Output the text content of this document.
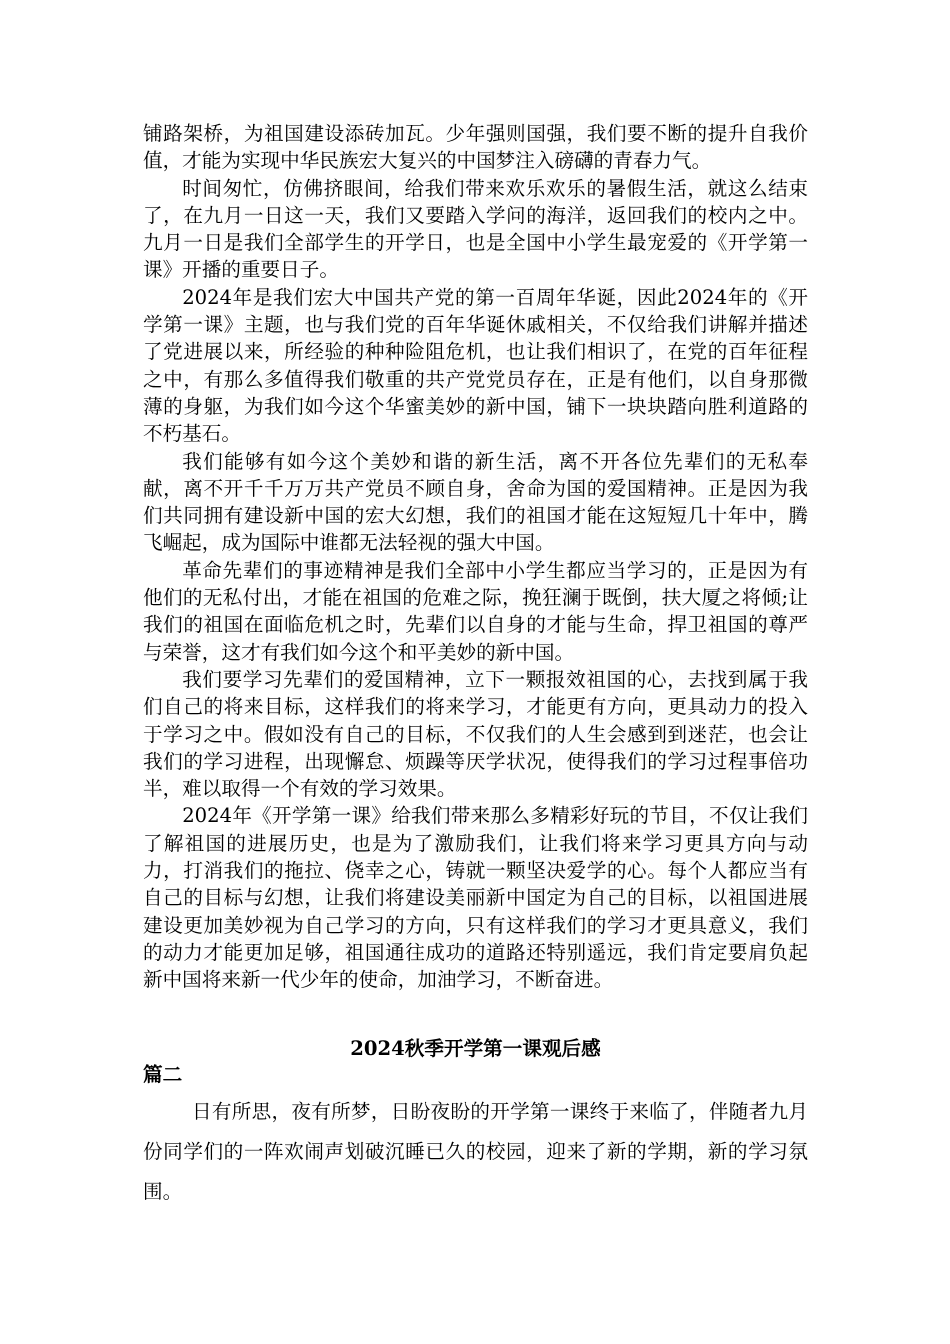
铺路架桥，为祖国建设添砖加瓦。少年强则国强，我们要不断的提升自我价值，才能为实现中华民族宏大复兴的中国梦注入磅礴的青春力气。

时间匆忙，仿佛挤眼间，给我们带来欢乐欢乐的暑假生活，就这么结束了，在九月一日这一天，我们又要踏入学问的海洋，返回我们的校内之中。九月一日是我们全部学生的开学日，也是全国中小学生最宠爱的《开学第一课》开播的重要日子。

2024年是我们宏大中国共产党的第一百周年华诞，因此2024年的《开学第一课》主题，也与我们党的百年华诞休戚相关，不仅给我们讲解并描述了党进展以来，所经验的种种险阻危机，也让我们相识了，在党的百年征程之中，有那么多值得我们敬重的共产党党员存在，正是有他们，以自身那微薄的身躯，为我们如今这个华蜜美妙的新中国，铺下一块块踏向胜利道路的不朽基石。

我们能够有如今这个美妙和谐的新生活，离不开各位先辈们的无私奉献，离不开千千万万共产党员不顾自身，舍命为国的爱国精神。正是因为我们共同拥有建设新中国的宏大幻想，我们的祖国才能在这短短几十年中，腾飞崛起，成为国际中谁都无法轻视的强大中国。

革命先辈们的事迹精神是我们全部中小学生都应当学习的，正是因为有他们的无私付出，才能在祖国的危难之际，挽狂澜于既倒，扶大厦之将倾;让我们的祖国在面临危机之时，先辈们以自身的才能与生命，捍卫祖国的尊严与荣誉，这才有我们如今这个和平美妙的新中国。

我们要学习先辈们的爱国精神，立下一颗报效祖国的心，去找到属于我们自己的将来目标，这样我们的将来学习，才能更有方向，更具动力的投入于学习之中。假如没有自己的目标，不仅我们的人生会感到到迷茫，也会让我们的学习进程，出现懈怠、烦躁等厌学状况，使得我们的学习过程事倍功半，难以取得一个有效的学习效果。

2024年《开学第一课》给我们带来那么多精彩好玩的节目，不仅让我们了解祖国的进展历史，也是为了激励我们，让我们将来学习更具方向与动力，打消我们的拖拉、侥幸之心，铸就一颗坚决爱学的心。每个人都应当有自己的目标与幻想，让我们将建设美丽新中国定为自己的目标，以祖国进展建设更加美妙视为自己学习的方向，只有这样我们的学习才更具意义，我们的动力才能更加足够，祖国通往成功的道路还特别遥远，我们肯定要肩负起新中国将来新一代少年的使命，加油学习，不断奋进。

2024秋季开学第一课观后感
篇二

日有所思，夜有所梦，日盼夜盼的开学第一课终于来临了，伴随者九月份同学们的一阵欢闹声划破沉睡已久的校园，迎来了新的学期，新的学习氛围。
